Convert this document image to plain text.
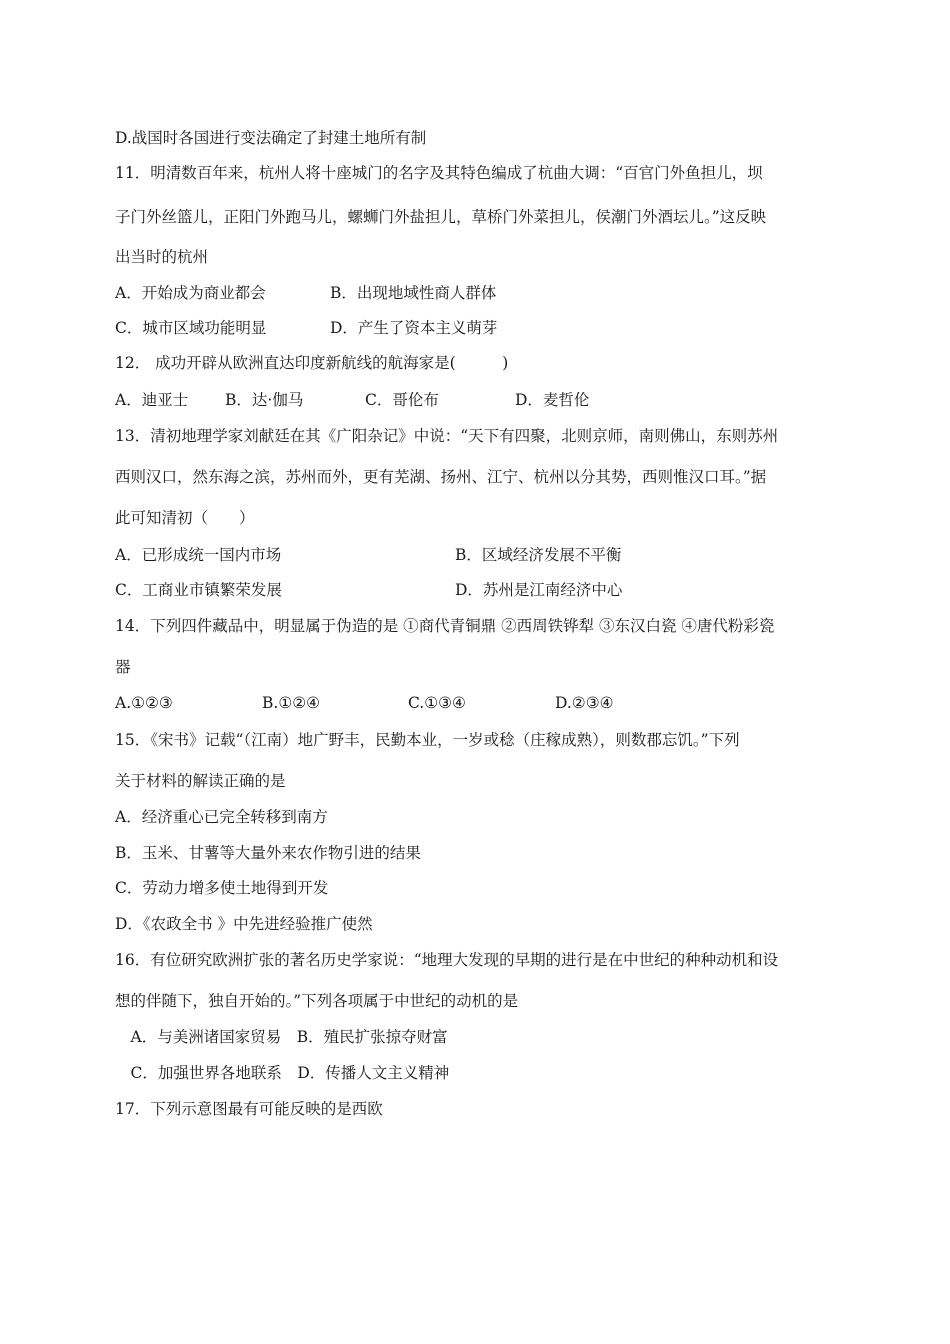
D.战国时各国进行变法确定了封建土地所有制
11．明清数百年来，杭州人将十座城门的名字及其特色编成了杭曲大调：“百官门外鱼担儿，坝
子门外丝篮儿，正阳门外跑马儿，螺蛳门外盐担儿，草桥门外菜担儿，侯潮门外酒坛儿。”这反映
出当时的杭州
A．开始成为商业都会	B．出现地域性商人群体
C．城市区域功能明显	D．产生了资本主义萌芽
12． 成功开辟从欧洲直达印度新航线的航海家是(　　　)
A．迪亚士 B．达·伽马	C．哥伦布	D．麦哲伦
13．清初地理学家刘献廷在其《广阳杂记》中说：“天下有四聚，北则京师，南则佛山，东则苏州
西则汉口，然东海之滨，苏州而外，更有芜湖、扬州、江宁、杭州以分其势，西则惟汉口耳。”据
此可知清初（　　）
A．已形成统一国内市场	B．区域经济发展不平衡
C．工商业市镇繁荣发展	D．苏州是江南经济中心
14．下列四件藏品中，明显属于伪造的是 ①商代青铜鼎 ②西周铁铧犁 ③东汉白瓷 ④唐代粉彩瓷
器
A.①②③	B.①②④	C.①③④	D.②③④
15．《宋书》记载“（江南）地广野丰，民勤本业，一岁或稔（庄稼成熟），则数郡忘饥。”下列
关于材料的解读正确的是
A．经济重心已完全转移到南方
B．玉米、甘薯等大量外来农作物引进的结果
C．劳动力增多使土地得到开发
D．《农政全书 》中先进经验推广使然
16．有位研究欧洲扩张的著名历史学家说：“地理大发现的早期的进行是在中世纪的种种动机和设
想的伴随下，独自开始的。”下列各项属于中世纪的动机的是
　A．与美洲诸国家贸易　B．殖民扩张掠夺财富
　C．加强世界各地联系　D．传播人文主义精神
17．下列示意图最有可能反映的是西欧
